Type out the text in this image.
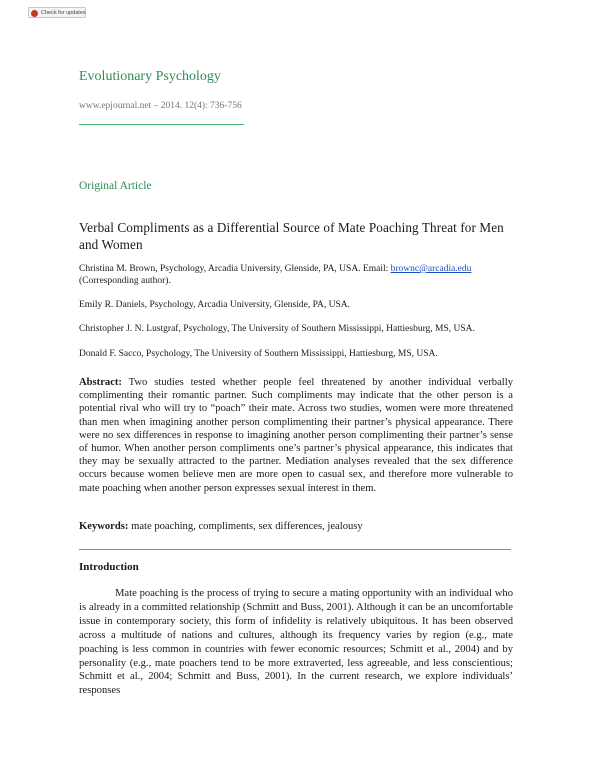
Check for updates
Evolutionary Psychology
www.epjournal.net – 2014. 12(4): 736-756
Original Article
Verbal Compliments as a Differential Source of Mate Poaching Threat for Men and Women

Christina M. Brown, Psychology, Arcadia University, Glenside, PA, USA. Email: brownc@arcadia.edu (Corresponding author).

Emily R. Daniels, Psychology, Arcadia University, Glenside, PA, USA.

Christopher J. N. Lustgraf, Psychology, The University of Southern Mississippi, Hattiesburg, MS, USA.

Donald F. Sacco, Psychology, The University of Southern Mississippi, Hattiesburg, MS, USA.

Abstract: Two studies tested whether people feel threatened by another individual verbally complimenting their romantic partner. Such compliments may indicate that the other person is a potential rival who will try to “poach” their mate. Across two studies, women were more threatened than men when imagining another person complimenting their partner’s physical appearance. There were no sex differences in response to imagining another person complimenting their partner’s sense of humor. When another person compliments one’s partner’s physical appearance, this indicates that they may be sexually attracted to the partner. Mediation analyses revealed that the sex difference occurs because women believe men are more open to casual sex, and therefore more vulnerable to mate poaching when another person expresses sexual interest in them.
Keywords: mate poaching, compliments, sex differences, jealousy
Introduction
Mate poaching is the process of trying to secure a mating opportunity with an individual who is already in a committed relationship (Schmitt and Buss, 2001). Although it can be an uncomfortable issue in contemporary society, this form of infidelity is relatively ubiquitous. It has been observed across a multitude of nations and cultures, although its frequency varies by region (e.g., mate poaching is less common in countries with fewer economic resources; Schmitt et al., 2004) and by personality (e.g., mate poachers tend to be more extraverted, less agreeable, and less conscientious; Schmitt et al., 2004; Schmitt and Buss, 2001). In the current research, we explore individuals’ responses
